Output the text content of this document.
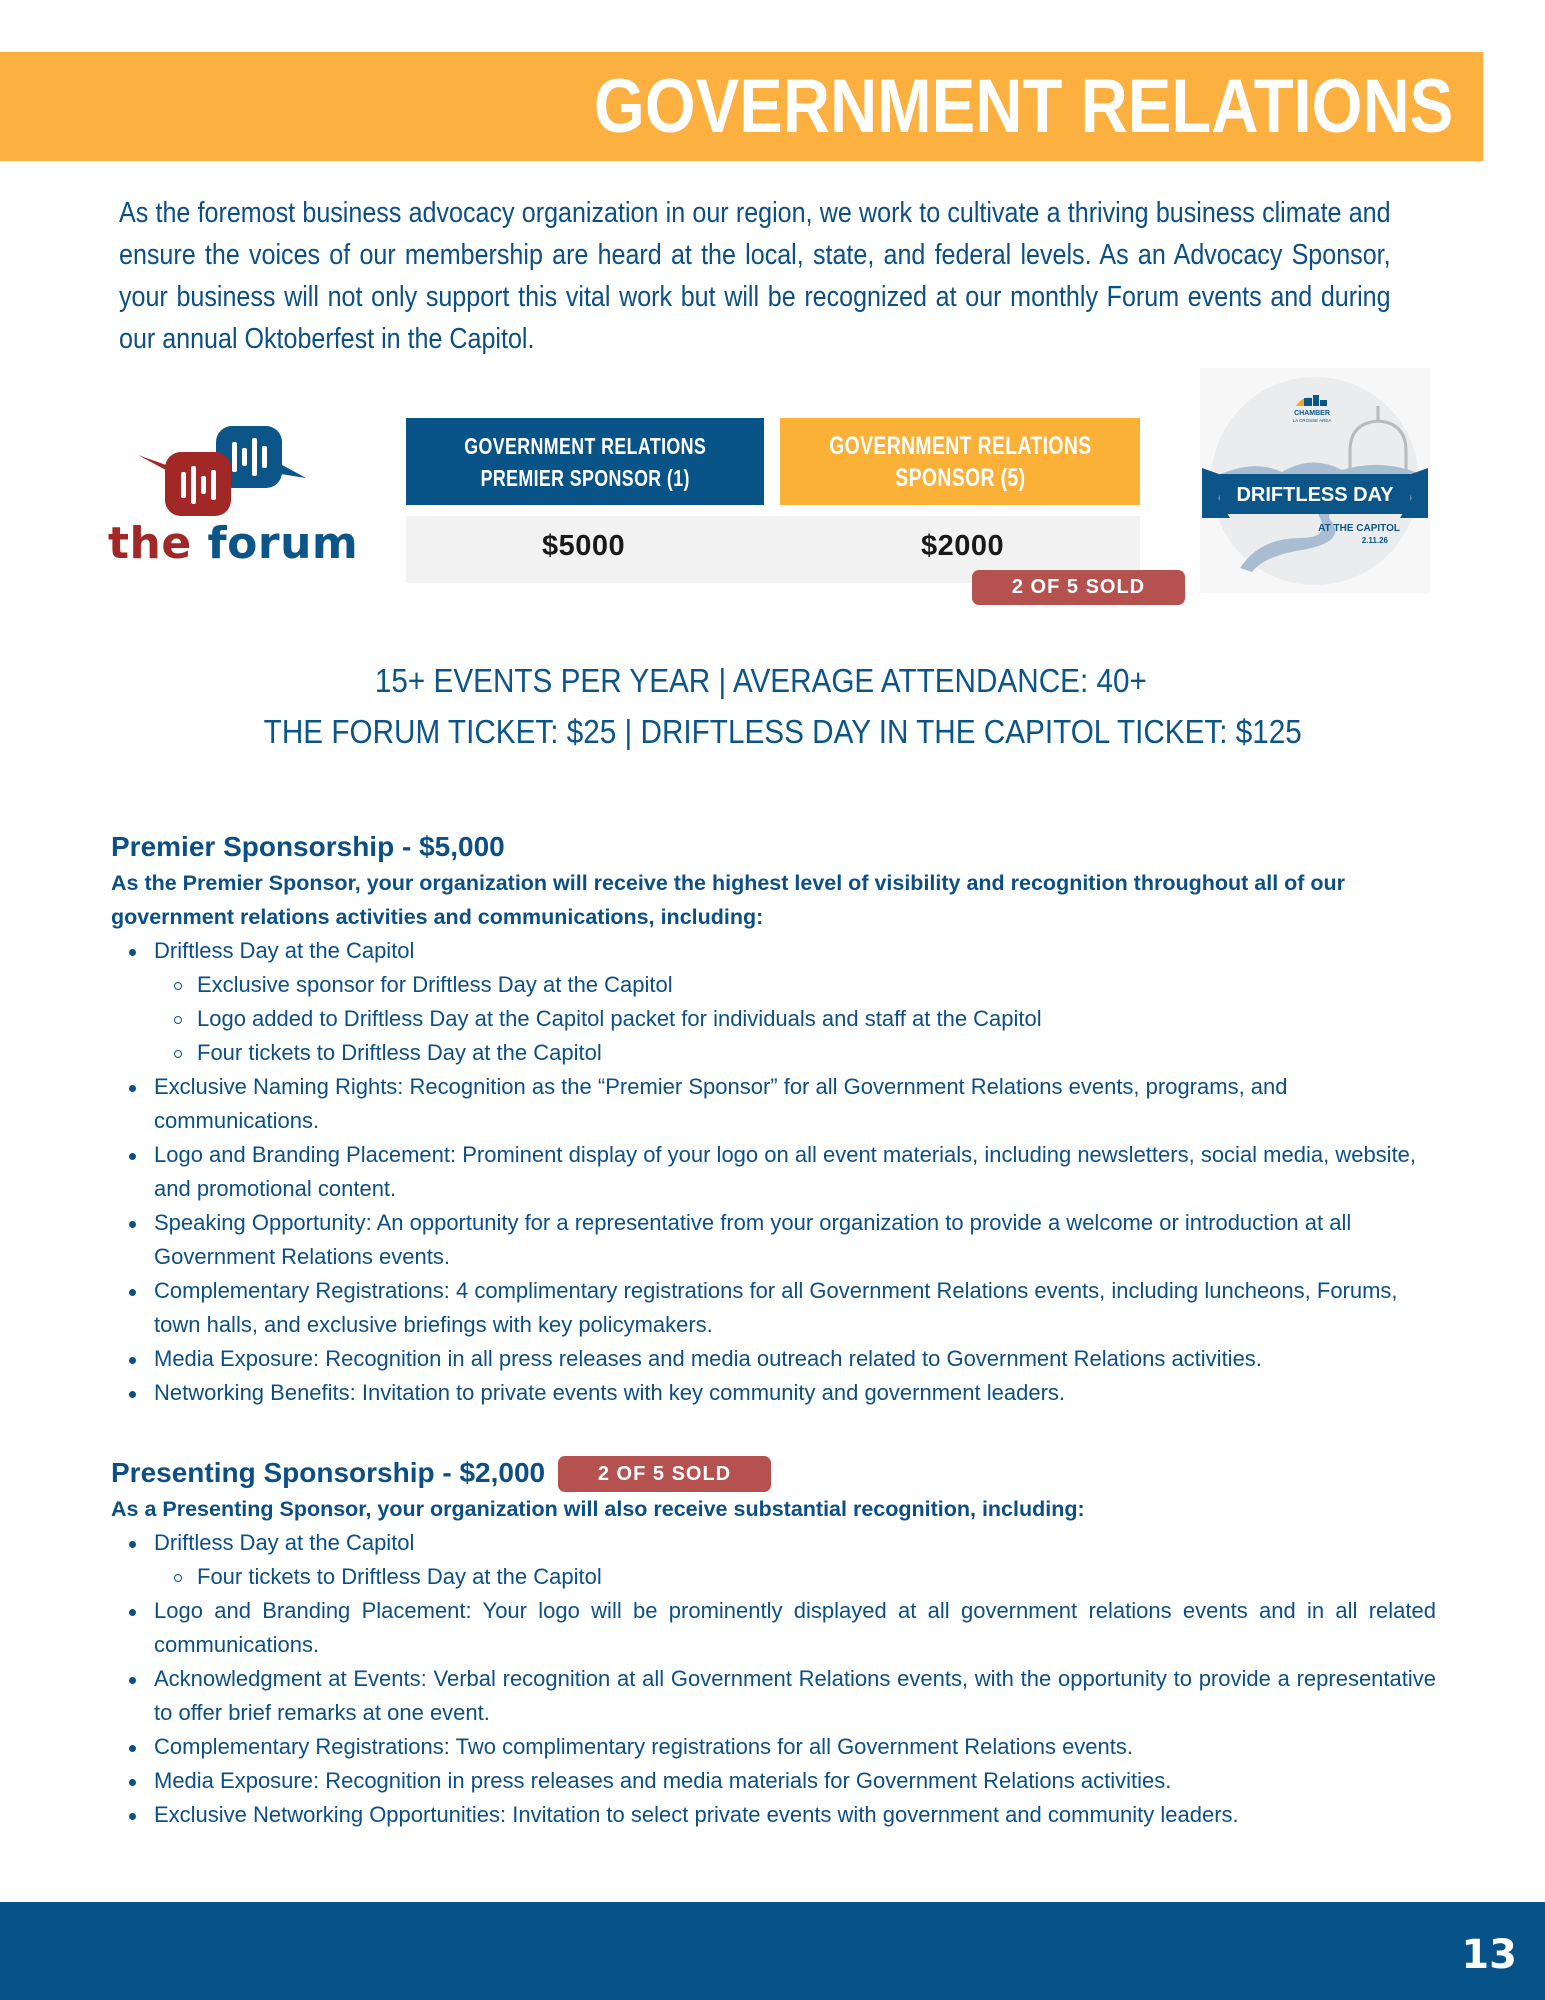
GOVERNMENT RELATIONS

As the foremost business advocacy organization in our region, we work to cultivate a thriving business climate and ensure the voices of our membership are heard at the local, state, and federal levels. As an Advocacy Sponsor, your business will not only support this vital work but will be recognized at our monthly Forum events and during our annual Oktoberfest in the Capitol.

the forum
GOVERNMENT RELATIONS
PREMIER SPONSOR (1)
GOVERNMENT RELATIONS
SPONSOR (5)
$5000	$2000
2 OF 5 SOLD
DRIFTLESS DAY
AT THE CAPITOL
2.11.26
CHAMBER
LA CROSSE AREA
15+ EVENTS PER YEAR | AVERAGE ATTENDANCE: 40+
THE FORUM TICKET: $25 | DRIFTLESS DAY IN THE CAPITOL TICKET: $125
Premier Sponsorship - $5,000

As the Premier Sponsor, your organization will receive the highest level of visibility and recognition throughout all of our government relations activities and communications, including:

Driftless Day at the Capitol
Exclusive sponsor for Driftless Day at the Capitol
Logo added to Driftless Day at the Capitol packet for individuals and staff at the Capitol
Four tickets to Driftless Day at the Capitol
Exclusive Naming Rights: Recognition as the “Premier Sponsor” for all Government Relations events, programs, and communications.
Logo and Branding Placement: Prominent display of your logo on all event materials, including newsletters, social media, website, and promotional content.
Speaking Opportunity: An opportunity for a representative from your organization to provide a welcome or introduction at all Government Relations events.
Complementary Registrations: 4 complimentary registrations for all Government Relations events, including luncheons, Forums, town halls, and exclusive briefings with key policymakers.
Media Exposure: Recognition in all press releases and media outreach related to Government Relations activities.
Networking Benefits: Invitation to private events with key community and government leaders.
Presenting Sponsorship - $2,000

As a Presenting Sponsor, your organization will also receive substantial recognition, including:

Driftless Day at the Capitol
Four tickets to Driftless Day at the Capitol
Logo and Branding Placement: Your logo will be prominently displayed at all government relations events and in all related communications.
Acknowledgment at Events: Verbal recognition at all Government Relations events, with the opportunity to provide a representative to offer brief remarks at one event.
Complementary Registrations: Two complimentary registrations for all Government Relations events.
Media Exposure: Recognition in press releases and media materials for Government Relations activities.
Exclusive Networking Opportunities: Invitation to select private events with government and community leaders.
2 OF 5 SOLD
13
